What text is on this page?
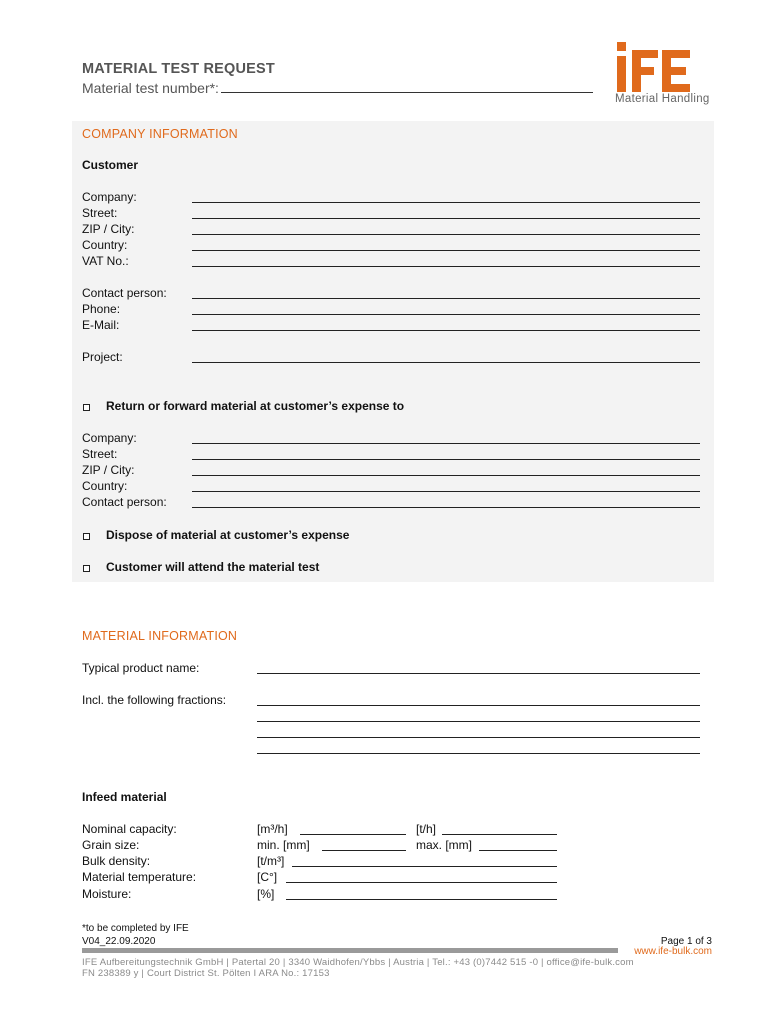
MATERIAL TEST REQUEST
Material test number*:
Material Handling
COMPANY INFORMATION
Customer
Company:
Street:
ZIP / City:
Country:
VAT No.:
Contact person:
Phone:
E-Mail:
Project:
Return or forward material at customer’s expense to
Company:
Street:
ZIP / City:
Country:
Contact person:
Dispose of material at customer’s expense
Customer will attend the material test
MATERIAL INFORMATION
Typical product name:
Incl. the following fractions:
Infeed material
Nominal capacity:	[m³/h]	[t/h]
Grain size:	min. [mm]	max. [mm]
Bulk density:	[t/m³]
Material temperature:	[C°]
Moisture:	[%]
*to be completed by IFE
V04_22.09.2020	Page 1 of 3
www.ife-bulk.com
IFE Aufbereitungstechnik GmbH | Patertal 20 | 3340 Waidhofen/Ybbs | Austria | Tel.: +43 (0)7442 515 -0 | office@ife-bulk.com
FN 238389 y | Court District St. Pölten I ARA No.: 17153
